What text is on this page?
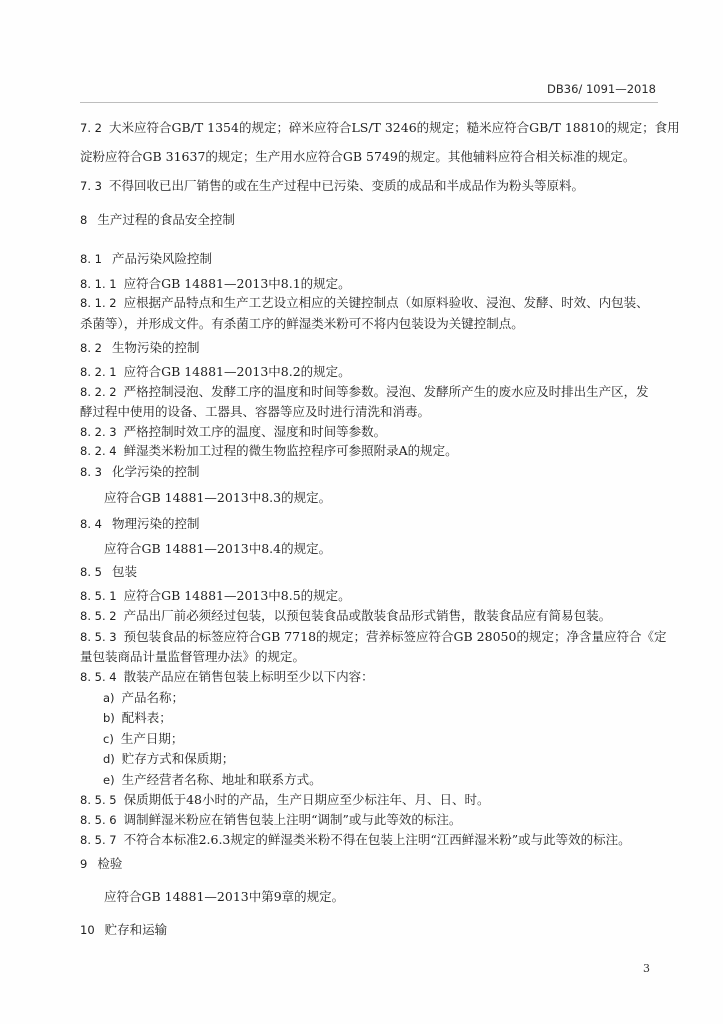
DB36/ 1091—2018
7. 2 大米应符合GB/T 1354的规定；碎米应符合LS/T 3246的规定；糙米应符合GB/T 18810的规定；食用
淀粉应符合GB 31637的规定；生产用水应符合GB 5749的规定。其他辅料应符合相关标准的规定。
7. 3 不得回收已出厂销售的或在生产过程中已污染、变质的成品和半成品作为粉头等原料。
8 生产过程的食品安全控制
8. 1 产品污染风险控制
8. 1. 1 应符合GB 14881—2013中8.1的规定。
8. 1. 2 应根据产品特点和生产工艺设立相应的关键控制点（如原料验收、浸泡、发酵、时效、内包装、
杀菌等），并形成文件。有杀菌工序的鲜湿类米粉可不将内包装设为关键控制点。
8. 2 生物污染的控制
8. 2. 1 应符合GB 14881—2013中8.2的规定。
8. 2. 2 严格控制浸泡、发酵工序的温度和时间等参数。浸泡、发酵所产生的废水应及时排出生产区，发
酵过程中使用的设备、工器具、容器等应及时进行清洗和消毒。
8. 2. 3 严格控制时效工序的温度、湿度和时间等参数。
8. 2. 4 鲜湿类米粉加工过程的微生物监控程序可参照附录A的规定。
8. 3 化学污染的控制
应符合GB 14881—2013中8.3的规定。
8. 4 物理污染的控制
应符合GB 14881—2013中8.4的规定。
8. 5 包装
8. 5. 1 应符合GB 14881—2013中8.5的规定。
8. 5. 2 产品出厂前必须经过包装，以预包装食品或散装食品形式销售，散装食品应有简易包装。
8. 5. 3 预包装食品的标签应符合GB 7718的规定；营养标签应符合GB 28050的规定；净含量应符合《定
量包装商品计量监督管理办法》的规定。
8. 5. 4 散装产品应在销售包装上标明至少以下内容：
a) 产品名称；
b) 配料表；
c) 生产日期；
d) 贮存方式和保质期；
e) 生产经营者名称、地址和联系方式。
8. 5. 5 保质期低于48小时的产品，生产日期应至少标注年、月、日、时。
8. 5. 6 调制鲜湿米粉应在销售包装上注明“调制”或与此等效的标注。
8. 5. 7 不符合本标准2.6.3规定的鲜湿类米粉不得在包装上注明“江西鲜湿米粉”或与此等效的标注。
9 检验
应符合GB 14881—2013中第9章的规定。
10 贮存和运输
3
